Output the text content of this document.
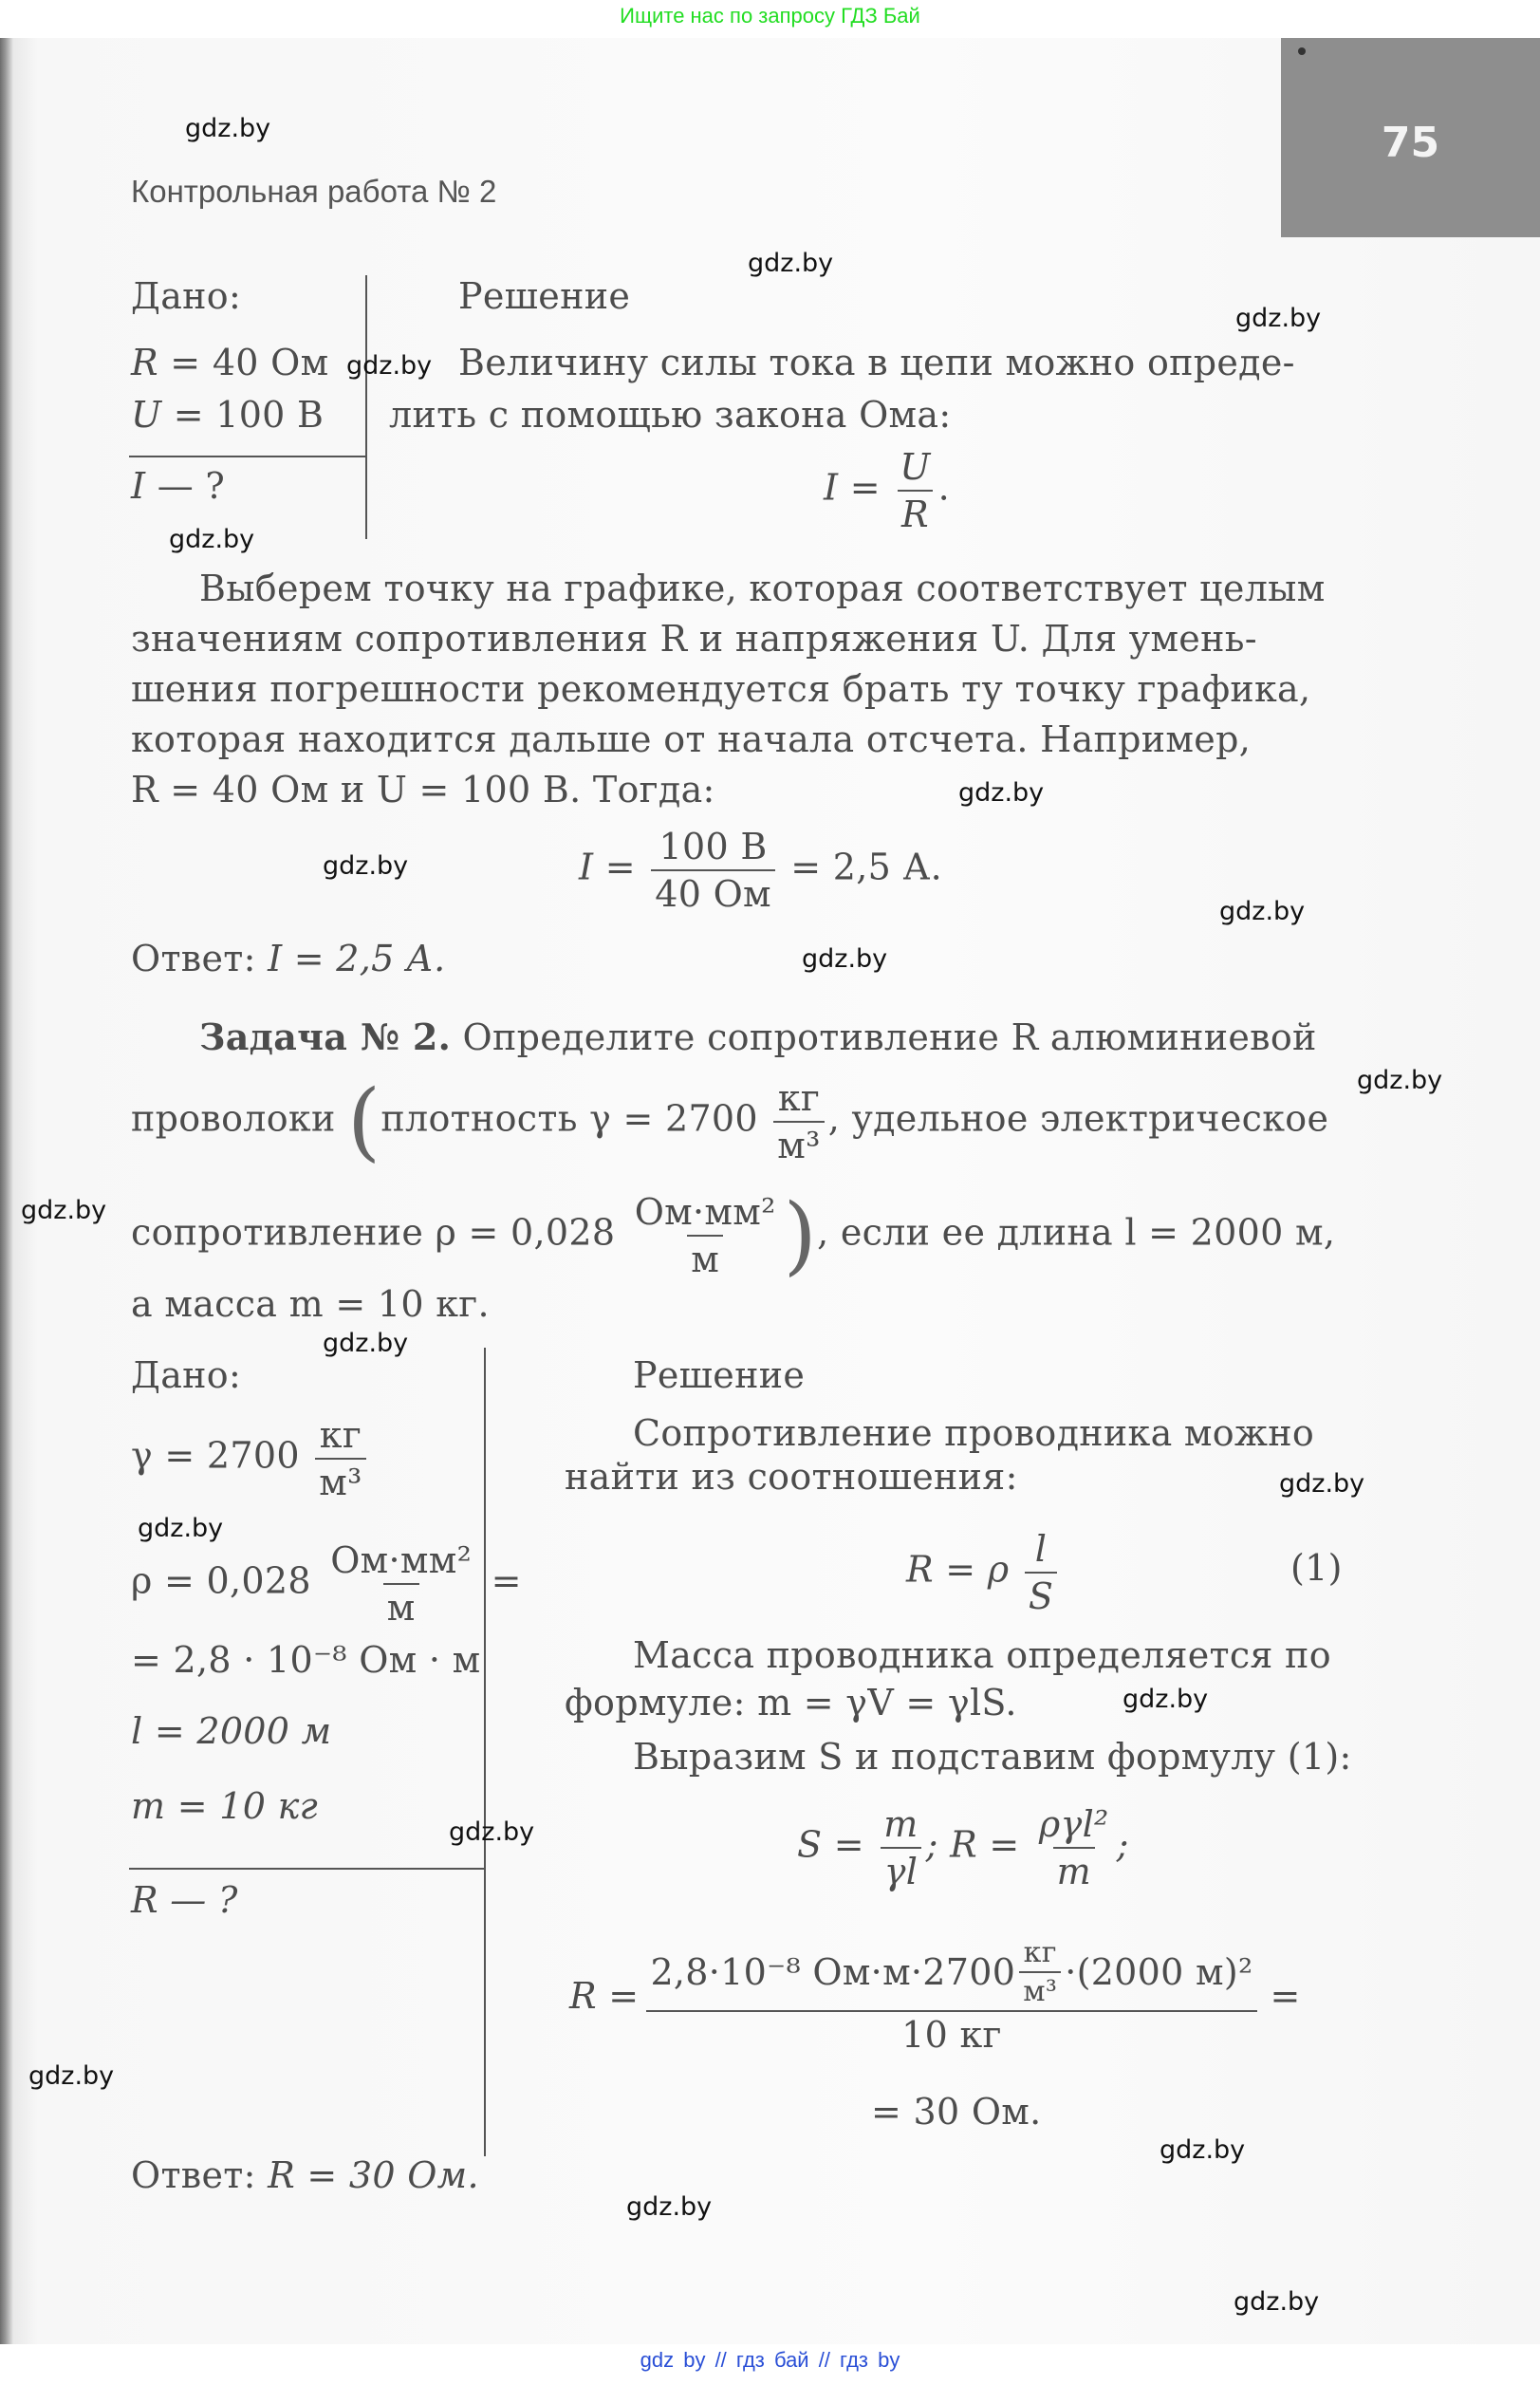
Ищите нас по запросу ГДЗ Бай
75
Контрольная работа № 2
Дано:
R = 40 Ом
U = 100 В
I — ?
Решение
Величину силы тока в цепи можно опреде-
лить с помощью закона Ома:
$I = \frac{U}{R}$ .
Выберем точку на графике, которая соответствует целым
значениям сопротивления R и напряжения U. Для умень-
шения погрешности рекомендуется брать ту точку графика,
которая находится дальше от начала отсчета. Например,
R = 40 Ом и U = 100 В. Тогда:
$I = \frac{100 В}{40 Ом} = 2,5$ А.
Ответ: I = 2,5 А.
Задача № 2. Определите сопротивление R алюминиевой
проволоки (плотность $\gamma = 2700 \frac{кг}{\text{м³}}$ , удельное электрическое
сопротивление $\rho = 0,028 \frac{\text{Ом·мм²}}{м}$ ), если ее длина l = 2000 м,
а масса m = 10 кг.
Дано:
$\gamma = 2700 \frac{кг}{\text{м³}}$
$\rho = 0,028 \frac{\text{Ом·мм²}}{м}$ =
= 2,8 · 10⁻⁸ Ом · м
l = 2000 м
m = 10 кг
R — ?
Решение
Сопротивление проводника можно
найти из соотношения:
R = ρ $\frac{l}{S}$	(1)
Масса проводника определяется по
формуле: m = γV = γlS.
Выразим S и подставим формулу (1):
$S = \frac{m}{\gamma l}$ ; $R = \frac{\text{ργl²}}{m}$ ;
$R = \frac{2,8\cdot 10^{-8} Ом\cdot м\cdot 2700 \frac{кг}{\text{м³}} \cdot(2000 м)^2}{10 кг}$ =
= 30 Ом.
Ответ: R = 30 Ом.
gdz.by
gdz.by
gdz.by
gdz.by
gdz.by
gdz.by
gdz.by
gdz.by
gdz.by
gdz.by
gdz.by
gdz.by
gdz.by
gdz.by
gdz.by
gdz.by
gdz.by
gdz.by
gdz.by
gdz.by
gdz by // гдз бай // гдз by
